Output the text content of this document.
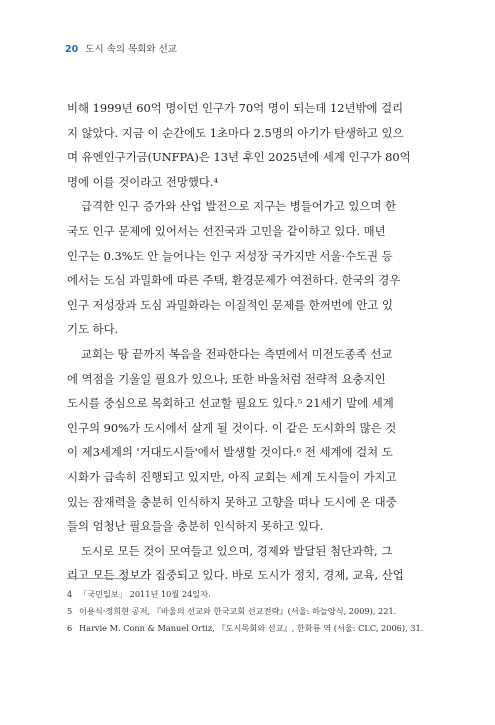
20 도시 속의 목회와 선교
비해 1999년 60억 명이던 인구가 70억 명이 되는데 12년밖에 걸리
지 않았다. 지금 이 순간에도 1초마다 2.5명의 아기가 탄생하고 있으
며 유엔인구기금(UNFPA)은 13년 후인 2025년에 세계 인구가 80억
명에 이를 것이라고 전망했다.⁴
급격한 인구 증가와 산업 발전으로 지구는 병들어가고 있으며 한
국도 인구 문제에 있어서는 선진국과 고민을 같이하고 있다. 매년
인구는 0.3%도 안 늘어나는 인구 저성장 국가지만 서울·수도권 등
에서는 도심 과밀화에 따른 주택, 환경문제가 여전하다. 한국의 경우
인구 저성장과 도심 과밀화라는 이질적인 문제를 한꺼번에 안고 있
기도 하다.
교회는 땅 끝까지 복음을 전파한다는 측면에서 미전도종족 선교
에 역점을 기울일 필요가 있으나, 또한 바울처럼 전략적 요충지인
도시를 중심으로 목회하고 선교할 필요도 있다.⁵ 21세기 말에 세계
인구의 90%가 도시에서 살게 될 것이다. 이 같은 도시화의 많은 것
이 제3세계의 '거대도시들'에서 발생할 것이다.⁶ 전 세계에 걸쳐 도
시화가 급속히 진행되고 있지만, 아직 교회는 세계 도시들이 가지고
있는 잠재력을 충분히 인식하지 못하고 고향을 떠나 도시에 온 대중
들의 엄청난 필요들을 충분히 인식하지 못하고 있다.
도시로 모든 것이 모여들고 있으며, 경제와 발달된 첨단과학, 그
리고 모든 정보가 집중되고 있다. 바로 도시가 정치, 경제, 교육, 산업
4 「국민일보」 2011년 10월 24일자.
5 이용식·정희현 공저, 『바울의 선교와 한국교회 선교전략』(서울: 하늘양식, 2009), 221.
6 Harvie M. Conn & Manuel Ortiz, 『도시목회와 선교』, 한화룡 역 (서울: CLC, 2006), 31.
